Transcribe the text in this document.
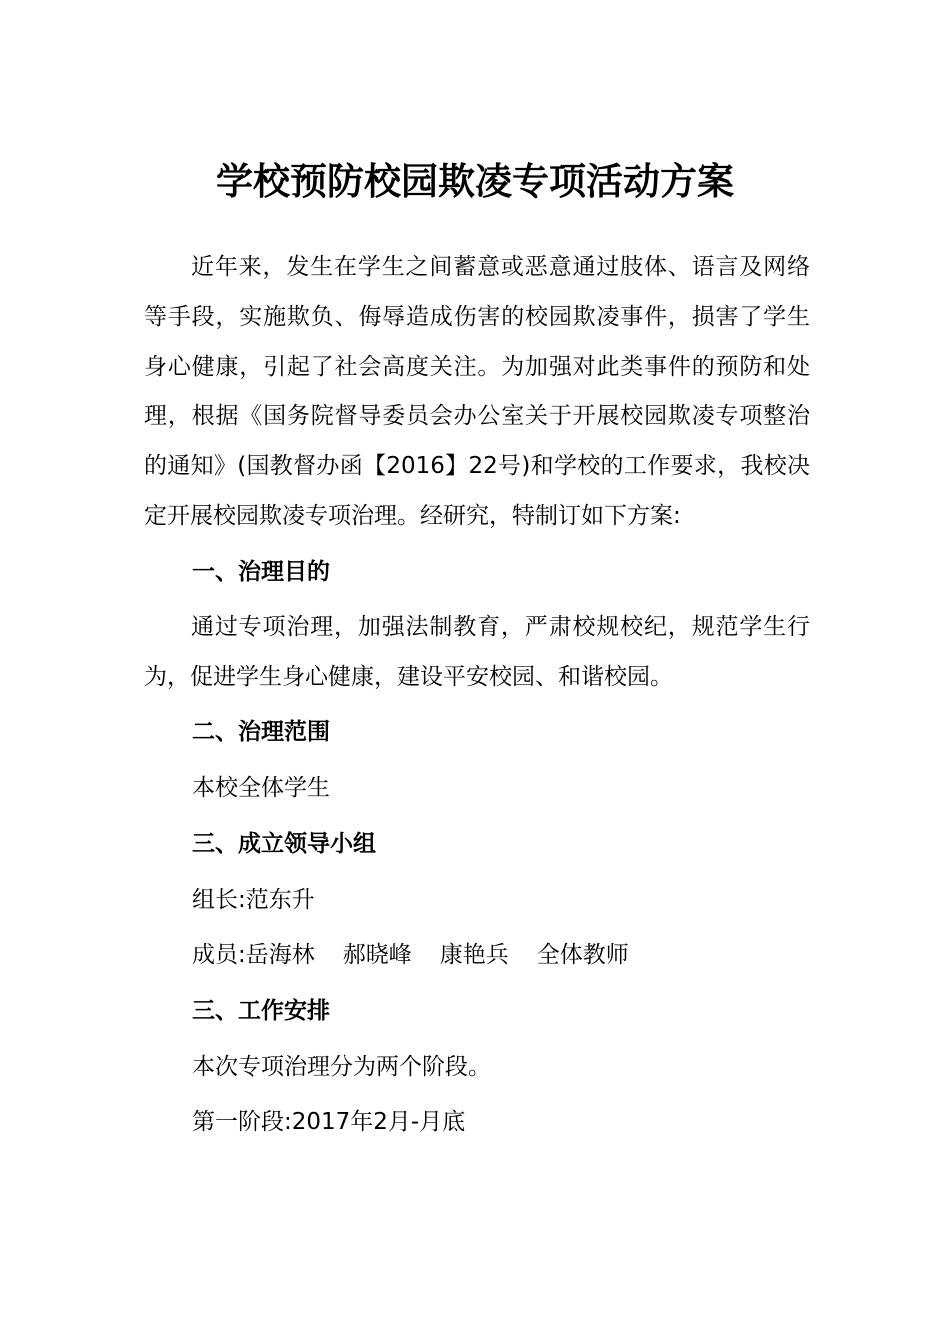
学校预防校园欺凌专项活动方案

近年来，发生在学生之间蓄意或恶意通过肢体、语言及网络等手段，实施欺负、侮辱造成伤害的校园欺凌事件，损害了学生身心健康，引起了社会高度关注。为加强对此类事件的预防和处理，根据《国务院督导委员会办公室关于开展校园欺凌专项整治的通知》(国教督办函【2016】22号)和学校的工作要求，我校决定开展校园欺凌专项治理。经研究，特制订如下方案:

一、治理目的

通过专项治理，加强法制教育，严肃校规校纪，规范学生行为，促进学生身心健康，建设平安校园、和谐校园。

二、治理范围
本校全体学生
三、成立领导小组
组长:范东升
成员:岳海林 郝晓峰 康艳兵 全体教师
三、工作安排
本次专项治理分为两个阶段。
第一阶段:2017年2月-月底
